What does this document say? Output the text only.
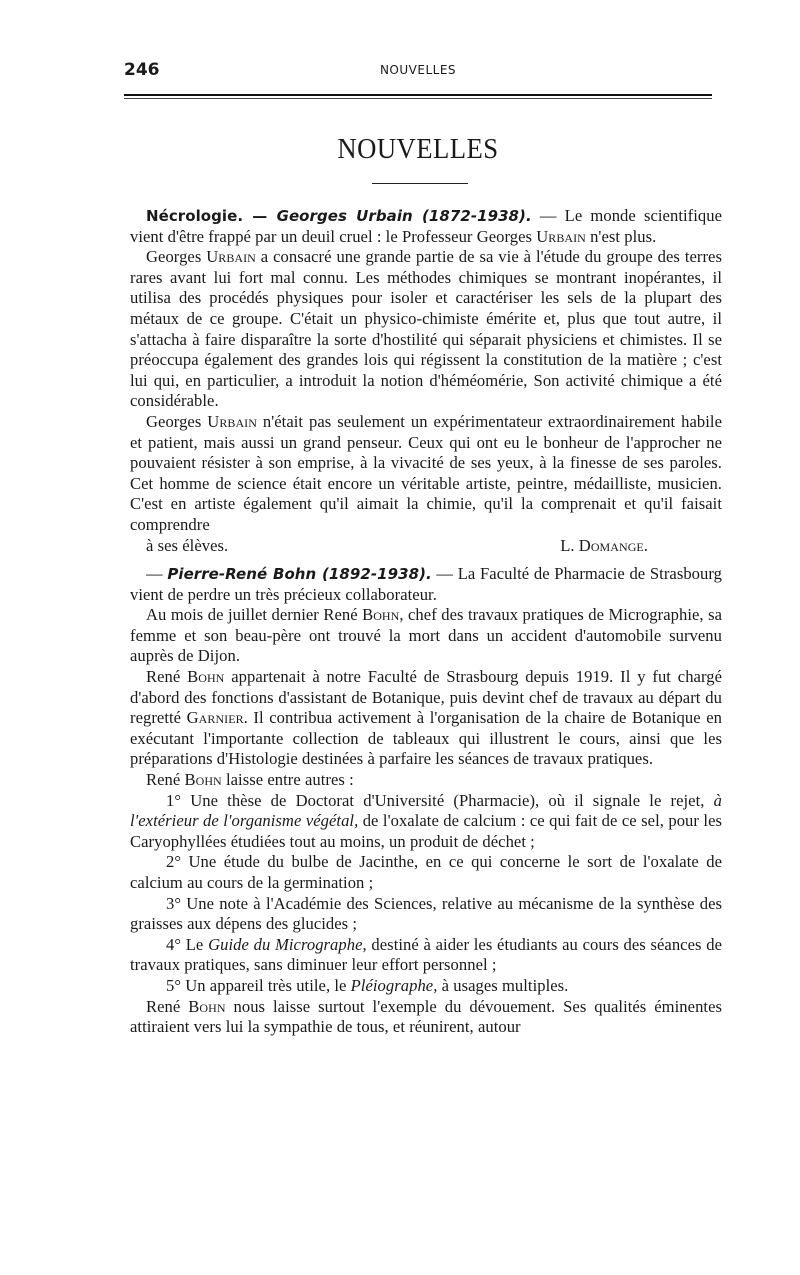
246	NOUVELLES
NOUVELLES

Nécrologie. — Georges Urbain (1872-1938). — Le monde scientifique vient d'être frappé par un deuil cruel : le Professeur Georges Urbain n'est plus.

Georges Urbain a consacré une grande partie de sa vie à l'étude du groupe des terres rares avant lui fort mal connu. Les méthodes chimiques se montrant inopérantes, il utilisa des procédés physiques pour isoler et caractériser les sels de la plupart des métaux de ce groupe. C'était un physico-chimiste émérite et, plus que tout autre, il s'attacha à faire disparaître la sorte d'hostilité qui séparait physiciens et chimistes. Il se préoccupa également des grandes lois qui régissent la constitution de la matière ; c'est lui qui, en particulier, a introduit la notion d'héméomérie, Son activité chimique a été considérable.

Georges Urbain n'était pas seulement un expérimentateur extraordinairement habile et patient, mais aussi un grand penseur. Ceux qui ont eu le bonheur de l'approcher ne pouvaient résister à son emprise, à la vivacité de ses yeux, à la finesse de ses paroles. Cet homme de science était encore un véritable artiste, peintre, médailliste, musicien. C'est en artiste également qu'il aimait la chimie, qu'il la comprenait et qu'il faisait comprendre

à ses élèves.	L. Domange.

— Pierre-René Bohn (1892-1938). — La Faculté de Pharmacie de Strasbourg vient de perdre un très précieux collaborateur.

Au mois de juillet dernier René Bohn, chef des travaux pratiques de Micrographie, sa femme et son beau-père ont trouvé la mort dans un accident d'automobile survenu auprès de Dijon.

René Bohn appartenait à notre Faculté de Strasbourg depuis 1919. Il y fut chargé d'abord des fonctions d'assistant de Botanique, puis devint chef de travaux au départ du regretté Garnier. Il contribua activement à l'organisation de la chaire de Botanique en exécutant l'importante collection de tableaux qui illustrent le cours, ainsi que les préparations d'Histologie destinées à parfaire les séances de travaux pratiques.

René Bohn laisse entre autres :

1° Une thèse de Doctorat d'Université (Pharmacie), où il signale le rejet, à l'extérieur de l'organisme végétal, de l'oxalate de calcium : ce qui fait de ce sel, pour les Caryophyllées étudiées tout au moins, un produit de déchet ;

2° Une étude du bulbe de Jacinthe, en ce qui concerne le sort de l'oxalate de calcium au cours de la germination ;

3° Une note à l'Académie des Sciences, relative au mécanisme de la synthèse des graisses aux dépens des glucides ;

4° Le Guide du Micrographe, destiné à aider les étudiants au cours des séances de travaux pratiques, sans diminuer leur effort personnel ;

5° Un appareil très utile, le Pléiographe, à usages multiples.

René Bohn nous laisse surtout l'exemple du dévouement. Ses qualités éminentes attiraient vers lui la sympathie de tous, et réunirent, autour
